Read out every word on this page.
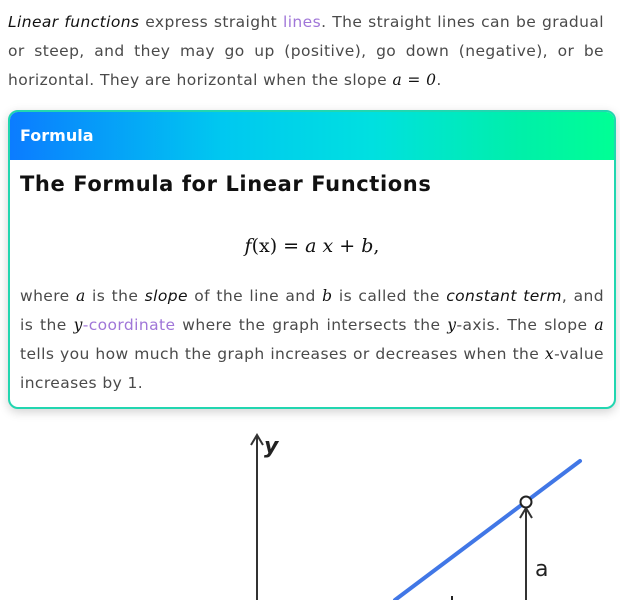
Linear functions express straight lines. The straight lines can be gradual or steep, and they may go up (positive), go down (negative), or be horizontal. They are horizontal when the slope a = 0.
Formula
The Formula for Linear Functions
f(x) = a x + b,
where a is the slope of the line and b is called the constant term, and is the y-coordinate where the graph intersects the y-axis. The slope a tells you how much the graph increases or decreases when the x-value increases by 1.
y
a
